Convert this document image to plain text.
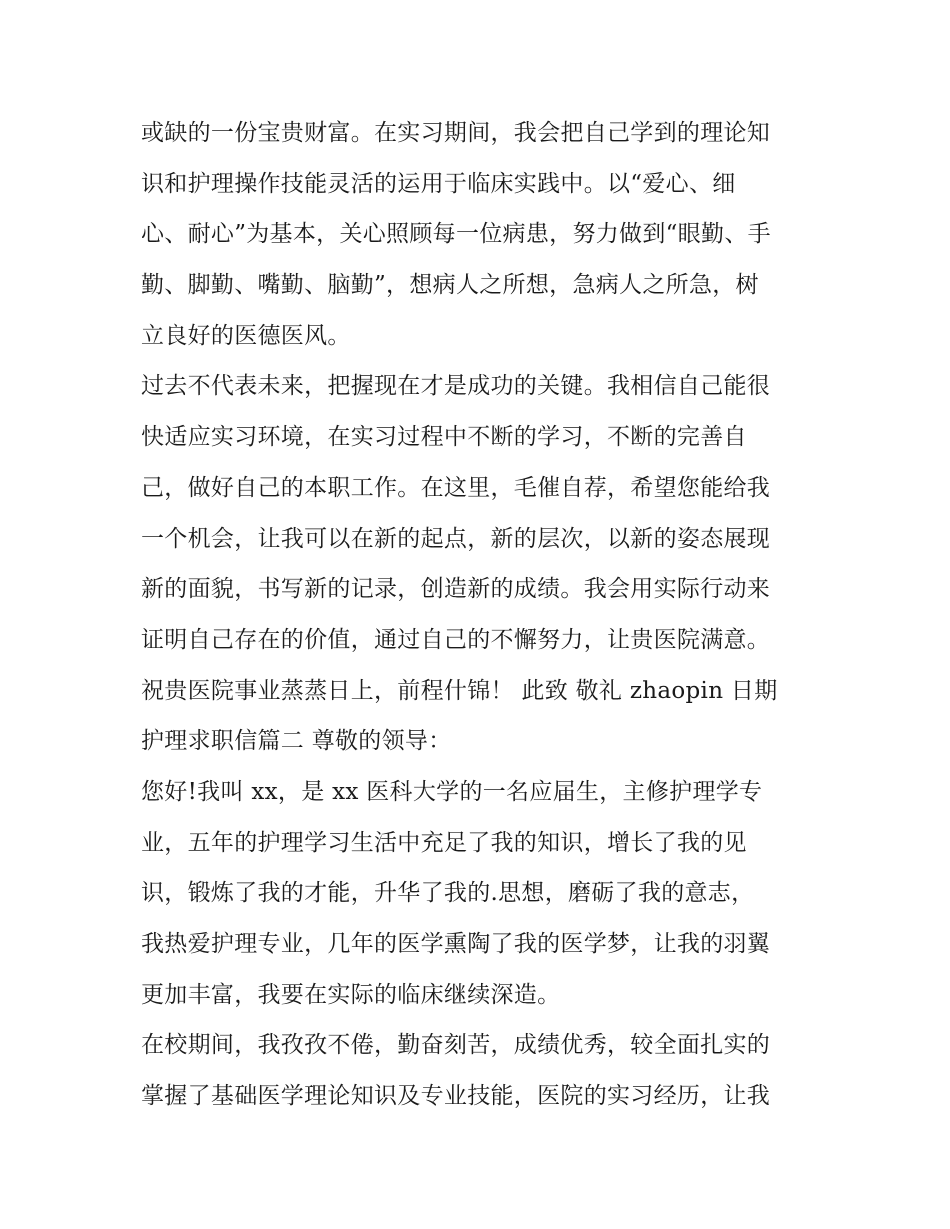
或缺的一份宝贵财富。在实习期间，我会把自己学到的理论知
识和护理操作技能灵活的运用于临床实践中。以“爱心、细
心、耐心”为基本，关心照顾每一位病患，努力做到“眼勤、手
勤、脚勤、嘴勤、脑勤”，想病人之所想，急病人之所急，树
立良好的医德医风。
过去不代表未来，把握现在才是成功的关键。我相信自己能很
快适应实习环境，在实习过程中不断的学习，不断的完善自
己，做好自己的本职工作。在这里，毛催自荐，希望您能给我
一个机会，让我可以在新的起点，新的层次，以新的姿态展现
新的面貌，书写新的记录，创造新的成绩。我会用实际行动来
证明自己存在的价值，通过自己的不懈努力，让贵医院满意。
祝贵医院事业蒸蒸日上，前程什锦！ 此致 敬礼 zhaopin 日期
护理求职信篇二 尊敬的领导：
您好!我叫 xx，是 xx 医科大学的一名应届生，主修护理学专
业，五年的护理学习生活中充足了我的知识，增长了我的见
识，锻炼了我的才能，升华了我的.思想，磨砺了我的意志，
我热爱护理专业，几年的医学熏陶了我的医学梦，让我的羽翼
更加丰富，我要在实际的临床继续深造。
在校期间，我孜孜不倦，勤奋刻苦，成绩优秀，较全面扎实的
掌握了基础医学理论知识及专业技能，医院的实习经历，让我
